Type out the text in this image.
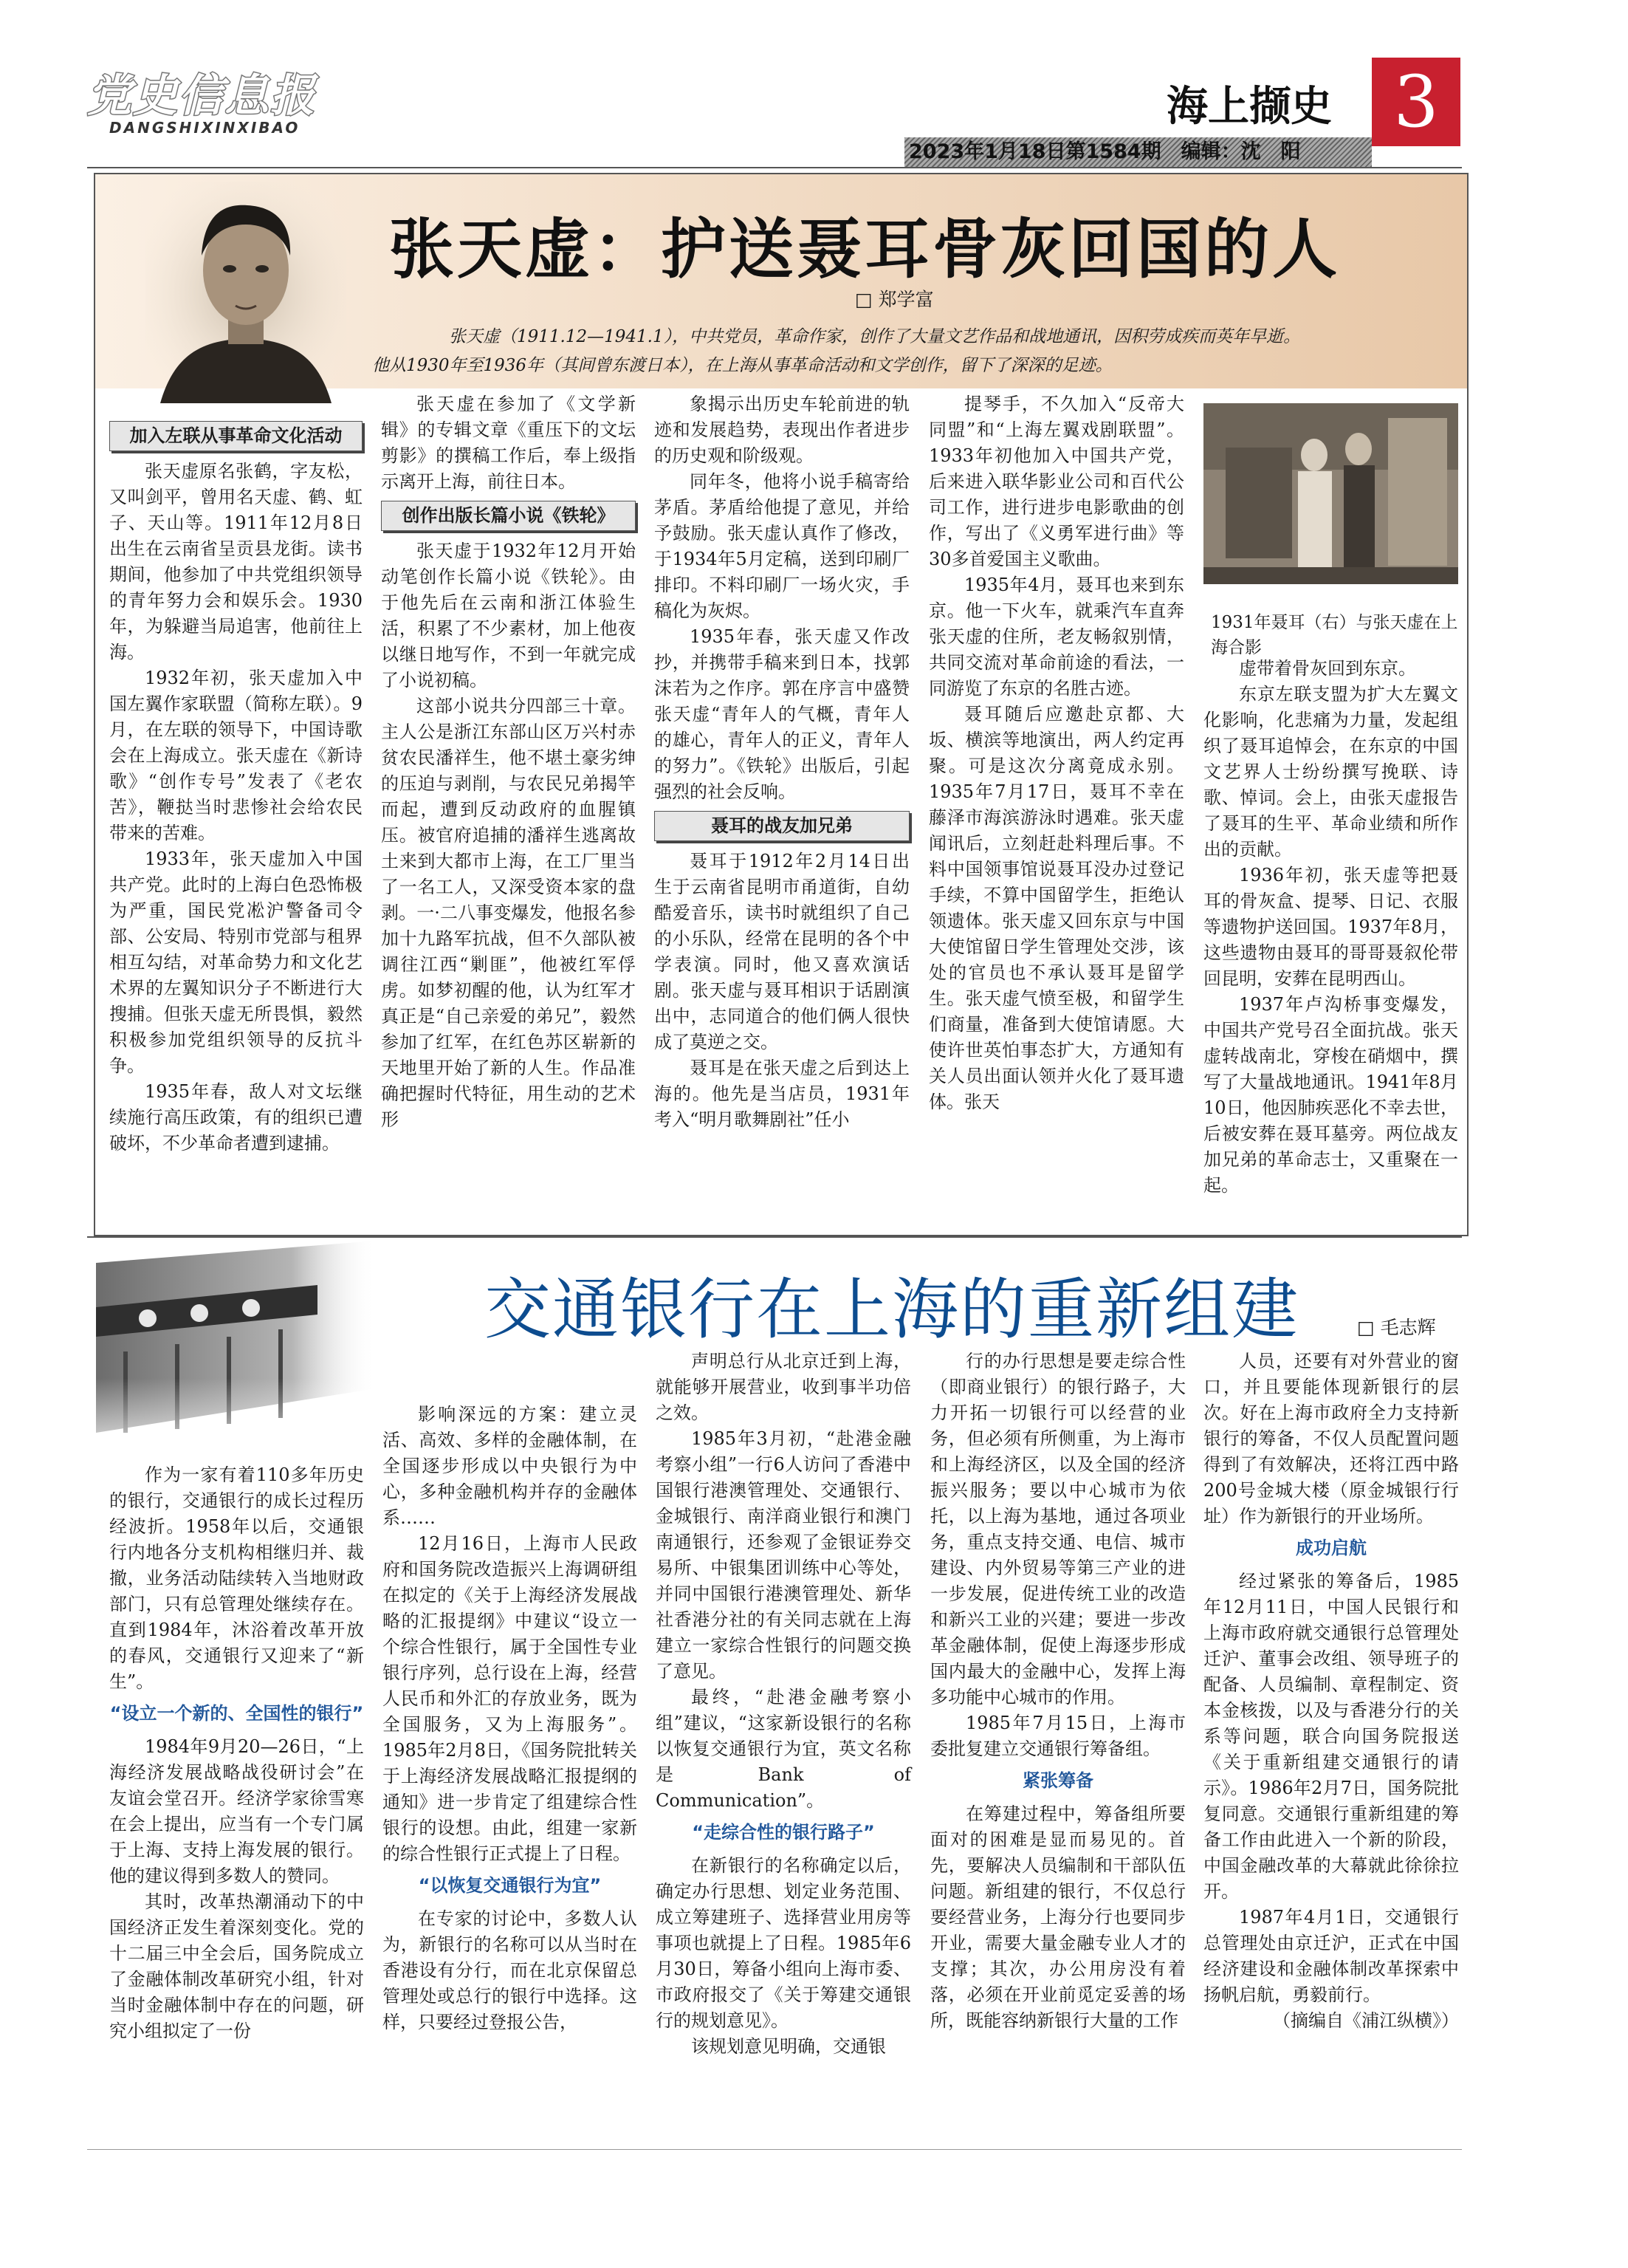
党史信息报
DANGSHIXINXIBAO	海上撷史 3
2023年1月18日第1584期　编辑：沈　阳
张天虚：护送聂耳骨灰回国的人
□ 郑学富
张天虚（1911.12—1941.1），中共党员，革命作家，创作了大量文艺作品和战地通讯，因积劳成疾而英年早逝。
他从1930年至1936年（其间曾东渡日本），在上海从事革命活动和文学创作，留下了深深的足迹。
加入左联从事革命文化活动

张天虚原名张鹤，字友松，又叫剑平，曾用名天虚、鹤、虹子、天山等。1911年12月8日出生在云南省呈贡县龙街。读书期间，他参加了中共党组织领导的青年努力会和娱乐会。1930年，为躲避当局追害，他前往上海。

1932年初，张天虚加入中国左翼作家联盟（简称左联）。9月，在左联的领导下，中国诗歌会在上海成立。张天虚在《新诗歌》“创作专号”发表了《老农苦》，鞭挞当时悲惨社会给农民带来的苦难。

1933年，张天虚加入中国共产党。此时的上海白色恐怖极为严重，国民党凇沪警备司令部、公安局、特别市党部与租界相互勾结，对革命势力和文化艺术界的左翼知识分子不断进行大搜捕。但张天虚无所畏惧，毅然积极参加党组织领导的反抗斗争。

1935年春，敌人对文坛继续施行高压政策，有的组织已遭破坏，不少革命者遭到逮捕。

张天虚在参加了《文学新辑》的专辑文章《重压下的文坛剪影》的撰稿工作后，奉上级指示离开上海，前往日本。

创作出版长篇小说《铁轮》

张天虚于1932年12月开始动笔创作长篇小说《铁轮》。由于他先后在云南和浙江体验生活，积累了不少素材，加上他夜以继日地写作，不到一年就完成了小说初稿。

这部小说共分四部三十章。主人公是浙江东部山区万兴村赤贫农民潘祥生，他不堪土豪劣绅的压迫与剥削，与农民兄弟揭竿而起，遭到反动政府的血腥镇压。被官府追捕的潘祥生逃离故土来到大都市上海，在工厂里当了一名工人，又深受资本家的盘剥。一·二八事变爆发，他报名参加十九路军抗战，但不久部队被调往江西“剿匪”，他被红军俘虏。如梦初醒的他，认为红军才真正是“自己亲爱的弟兄”，毅然参加了红军，在红色苏区崭新的天地里开始了新的人生。作品准确把握时代特征，用生动的艺术形

象揭示出历史车轮前进的轨迹和发展趋势，表现出作者进步的历史观和阶级观。

同年冬，他将小说手稿寄给茅盾。茅盾给他提了意见，并给予鼓励。张天虚认真作了修改，于1934年5月定稿，送到印刷厂排印。不料印刷厂一场火灾，手稿化为灰烬。

1935年春，张天虚又作改抄，并携带手稿来到日本，找郭沫若为之作序。郭在序言中盛赞张天虚“青年人的气概，青年人的雄心，青年人的正义，青年人的努力”。《铁轮》出版后，引起强烈的社会反响。

聂耳的战友加兄弟

聂耳于1912年2月14日出生于云南省昆明市甬道街，自幼酷爱音乐，读书时就组织了自己的小乐队，经常在昆明的各个中学表演。同时，他又喜欢演话剧。张天虚与聂耳相识于话剧演出中，志同道合的他们俩人很快成了莫逆之交。

聂耳是在张天虚之后到达上海的。他先是当店员，1931年考入“明月歌舞剧社”任小

提琴手，不久加入“反帝大同盟”和“上海左翼戏剧联盟”。1933年初他加入中国共产党，后来进入联华影业公司和百代公司工作，进行进步电影歌曲的创作，写出了《义勇军进行曲》等30多首爱国主义歌曲。

1935年4月，聂耳也来到东京。他一下火车，就乘汽车直奔张天虚的住所，老友畅叙别情，共同交流对革命前途的看法，一同游览了东京的名胜古迹。

聂耳随后应邀赴京都、大坂、横滨等地演出，两人约定再聚。可是这次分离竟成永别。1935年7月17日，聂耳不幸在藤泽市海滨游泳时遇难。张天虚闻讯后，立刻赶赴料理后事。不料中国领事馆说聂耳没办过登记手续，不算中国留学生，拒绝认领遗体。张天虚又回东京与中国大使馆留日学生管理处交涉，该处的官员也不承认聂耳是留学生。张天虚气愤至极，和留学生们商量，准备到大使馆请愿。大使许世英怕事态扩大，方通知有关人员出面认领并火化了聂耳遗体。张天

虚带着骨灰回到东京。

东京左联支盟为扩大左翼文化影响，化悲痛为力量，发起组织了聂耳追悼会，在东京的中国文艺界人士纷纷撰写挽联、诗歌、悼词。会上，由张天虚报告了聂耳的生平、革命业绩和所作出的贡献。

1936年初，张天虚等把聂耳的骨灰盒、提琴、日记、衣服等遗物护送回国。1937年8月，这些遗物由聂耳的哥哥聂叙伦带回昆明，安葬在昆明西山。

1937年卢沟桥事变爆发，中国共产党号召全面抗战。张天虚转战南北，穿梭在硝烟中，撰写了大量战地通讯。1941年8月10日，他因肺疾恶化不幸去世，后被安葬在聂耳墓旁。两位战友加兄弟的革命志士，又重聚在一起。

1931年聂耳（右）与张天虚在上海合影
交通银行在上海的重新组建	□ 毛志辉

作为一家有着110多年历史的银行，交通银行的成长过程历经波折。1958年以后，交通银行内地各分支机构相继归并、裁撤，业务活动陆续转入当地财政部门，只有总管理处继续存在。直到1984年，沐浴着改革开放的春风，交通银行又迎来了“新生”。

“设立一个新的、全国性的银行”

1984年9月20—26日，“上海经济发展战略战役研讨会”在友谊会堂召开。经济学家徐雪寒在会上提出，应当有一个专门属于上海、支持上海发展的银行。他的建议得到多数人的赞同。

其时，改革热潮涌动下的中国经济正发生着深刻变化。党的十二届三中全会后，国务院成立了金融体制改革研究小组，针对当时金融体制中存在的问题，研究小组拟定了一份

影响深远的方案：建立灵活、高效、多样的金融体制，在全国逐步形成以中央银行为中心，多种金融机构并存的金融体系……

12月16日，上海市人民政府和国务院改造振兴上海调研组在拟定的《关于上海经济发展战略的汇报提纲》中建议“设立一个综合性银行，属于全国性专业银行序列，总行设在上海，经营人民币和外汇的存放业务，既为全国服务，又为上海服务”。1985年2月8日，《国务院批转关于上海经济发展战略汇报提纲的通知》进一步肯定了组建综合性银行的设想。由此，组建一家新的综合性银行正式提上了日程。

“以恢复交通银行为宜”

在专家的讨论中，多数人认为，新银行的名称可以从当时在香港设有分行，而在北京保留总管理处或总行的银行中选择。这样，只要经过登报公告，

声明总行从北京迁到上海，就能够开展营业，收到事半功倍之效。

1985年3月初，“赴港金融考察小组”一行6人访问了香港中国银行港澳管理处、交通银行、金城银行、南洋商业银行和澳门南通银行，还参观了金银证券交易所、中银集团训练中心等处，并同中国银行港澳管理处、新华社香港分社的有关同志就在上海建立一家综合性银行的问题交换了意见。

最终，“赴港金融考察小组”建议，“这家新设银行的名称以恢复交通银行为宜，英文名称是Bank of Communication”。

“走综合性的银行路子”

在新银行的名称确定以后，确定办行思想、划定业务范围、成立筹建班子、选择营业用房等事项也就提上了日程。1985年6月30日，筹备小组向上海市委、市政府报交了《关于筹建交通银行的规划意见》。

该规划意见明确，交通银

行的办行思想是要走综合性（即商业银行）的银行路子，大力开拓一切银行可以经营的业务，但必须有所侧重，为上海市和上海经济区，以及全国的经济振兴服务；要以中心城市为依托，以上海为基地，通过各项业务，重点支持交通、电信、城市建设、内外贸易等第三产业的进一步发展，促进传统工业的改造和新兴工业的兴建；要进一步改革金融体制，促使上海逐步形成国内最大的金融中心，发挥上海多功能中心城市的作用。

1985年7月15日，上海市委批复建立交通银行筹备组。

紧张筹备

在筹建过程中，筹备组所要面对的困难是显而易见的。首先，要解决人员编制和干部队伍问题。新组建的银行，不仅总行要经营业务，上海分行也要同步开业，需要大量金融专业人才的支撑；其次，办公用房没有着落，必须在开业前觅定妥善的场所，既能容纳新银行大量的工作

人员，还要有对外营业的窗口，并且要能体现新银行的层次。好在上海市政府全力支持新银行的筹备，不仅人员配置问题得到了有效解决，还将江西中路200号金城大楼（原金城银行行址）作为新银行的开业场所。

成功启航

经过紧张的筹备后，1985年12月11日，中国人民银行和上海市政府就交通银行总管理处迁沪、董事会改组、领导班子的配备、人员编制、章程制定、资本金核拨，以及与香港分行的关系等问题，联合向国务院报送《关于重新组建交通银行的请示》。1986年2月7日，国务院批复同意。交通银行重新组建的筹备工作由此进入一个新的阶段，中国金融改革的大幕就此徐徐拉开。

1987年4月1日，交通银行总管理处由京迁沪，正式在中国经济建设和金融体制改革探索中扬帆启航，勇毅前行。

（摘编自《浦江纵横》）
